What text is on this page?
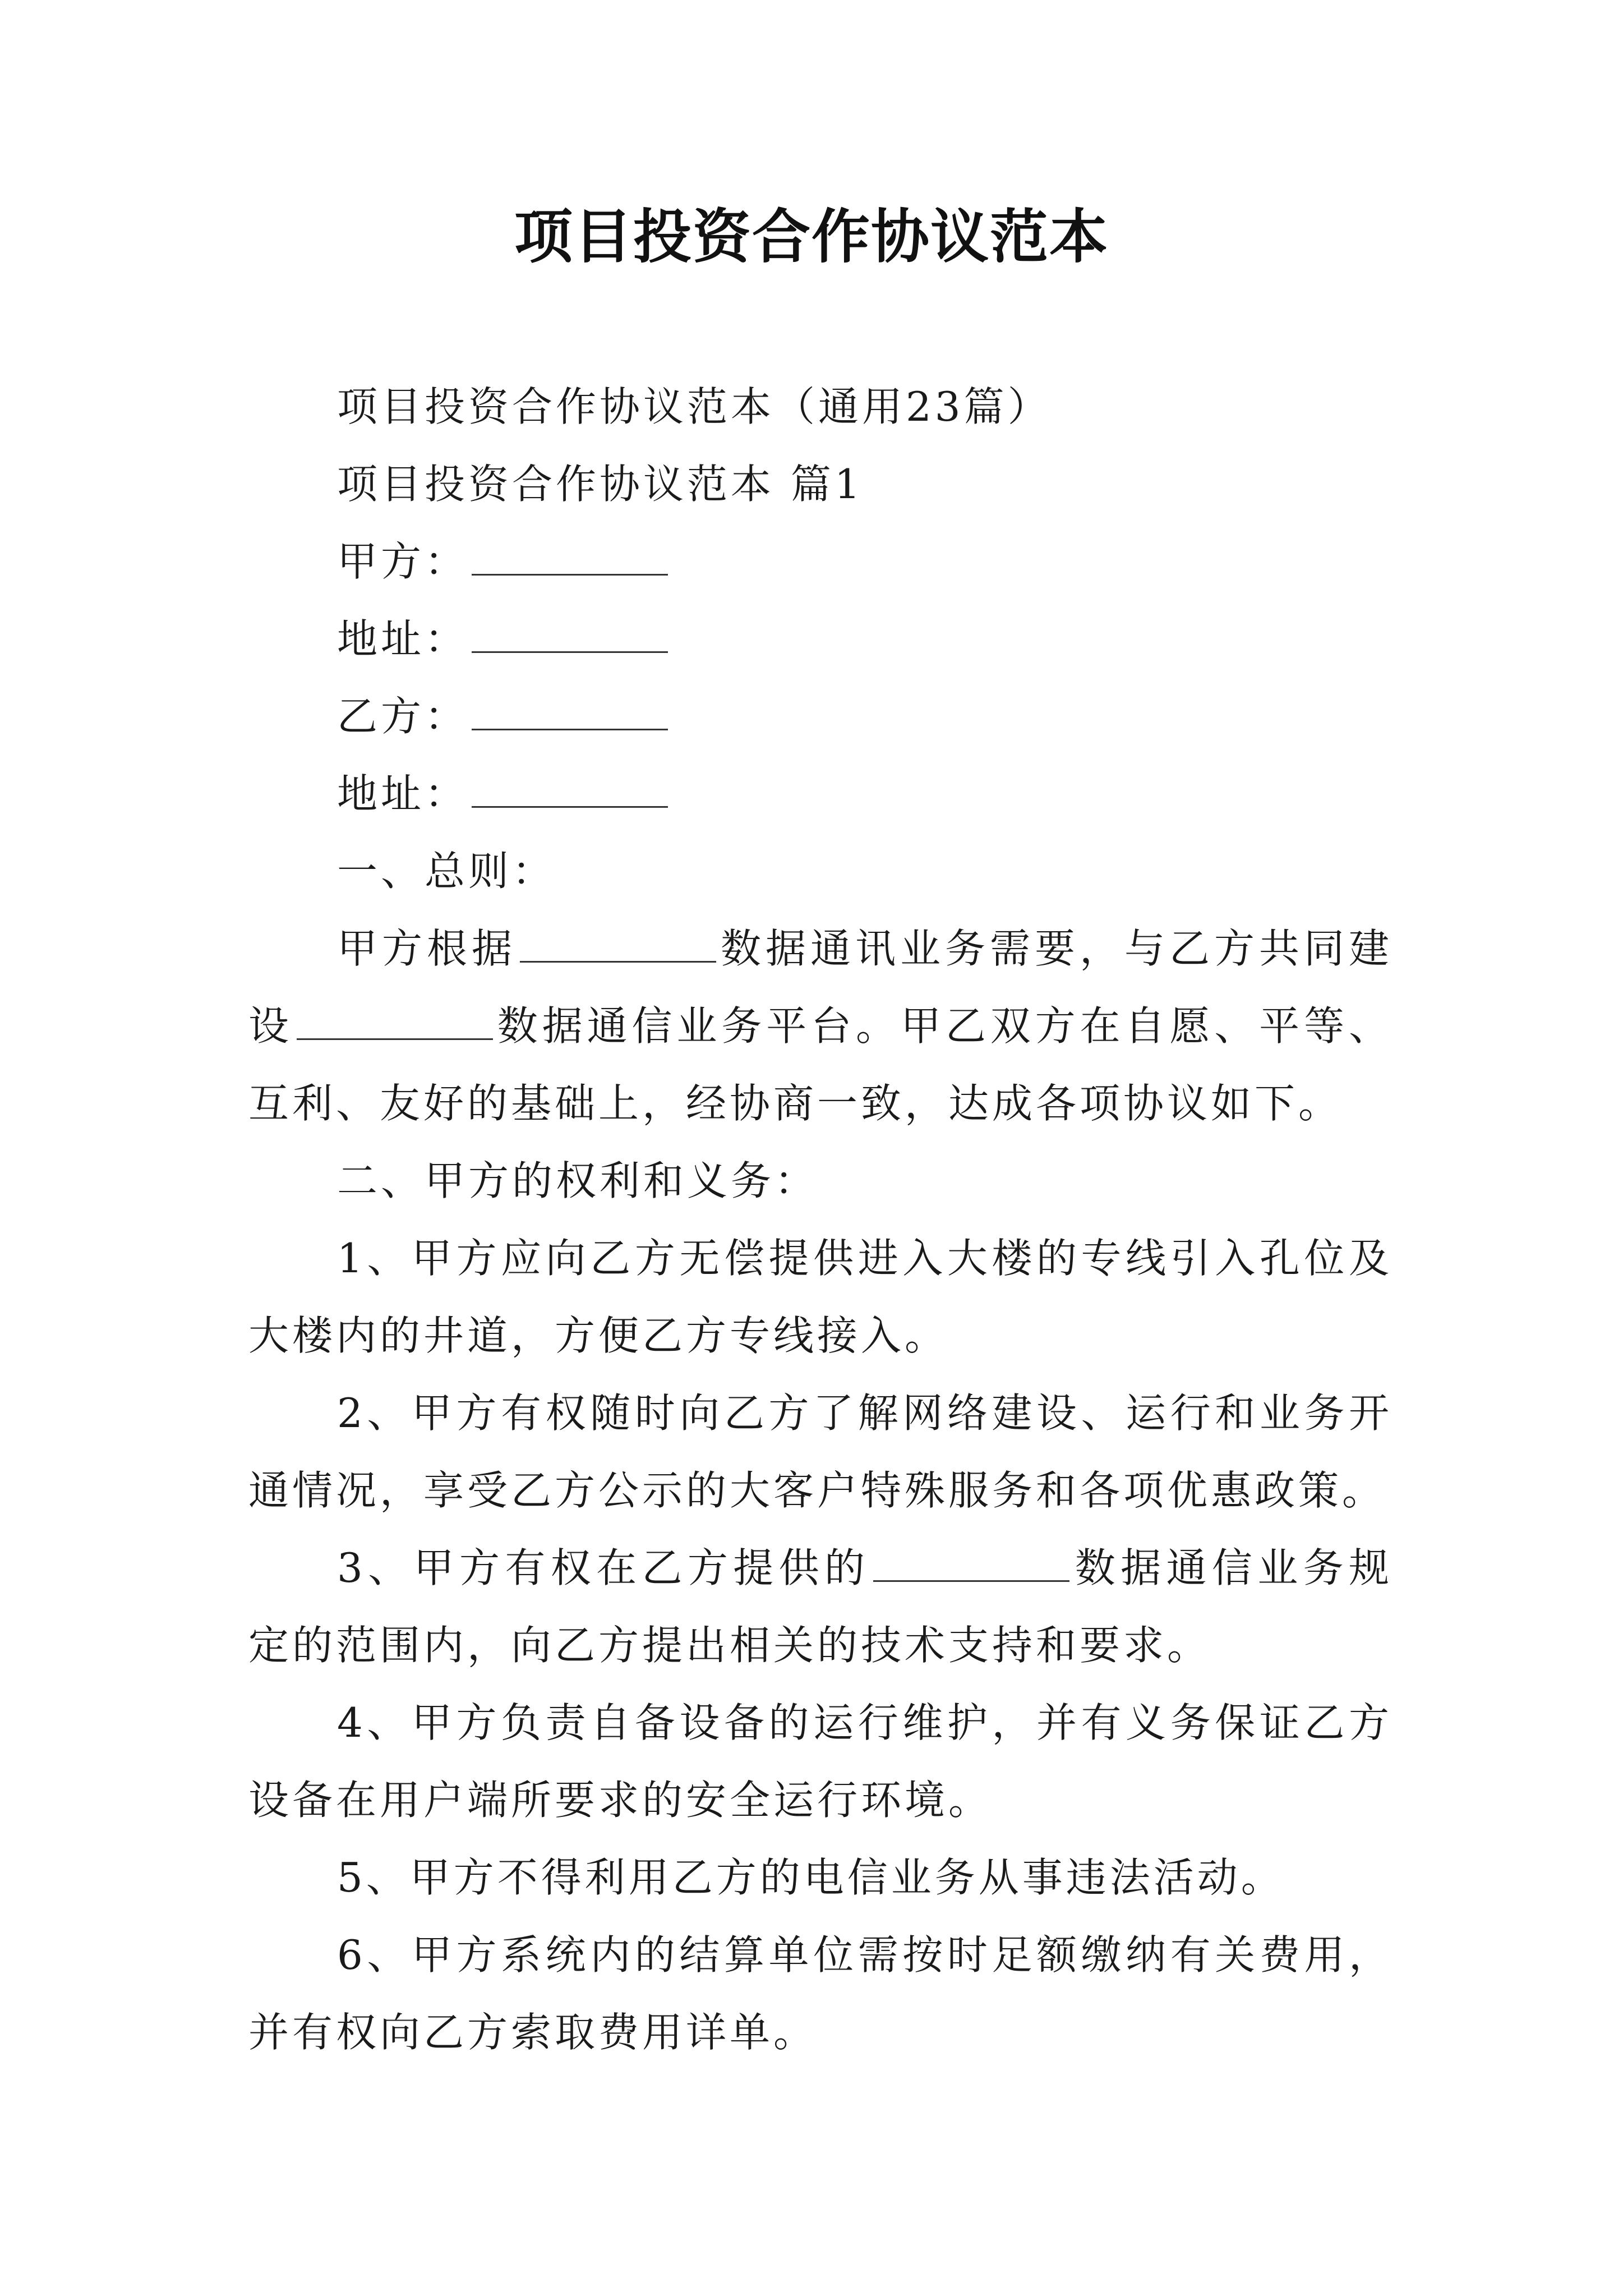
项目投资合作协议范本
项目投资合作协议范本（通用23篇）
项目投资合作协议范本 篇1
甲方：
地址：
乙方：
地址：
一、总则：
甲方根据	数据通讯业务需要，与乙方共同建设	数据通信业务平台。甲乙双方在自愿、平等、互利、友好的基础上，经协商一致，达成各项协议如下。
二、甲方的权利和义务：
1、甲方应向乙方无偿提供进入大楼的专线引入孔位及大楼内的井道，方便乙方专线接入。
2、甲方有权随时向乙方了解网络建设、运行和业务开通情况，享受乙方公示的大客户特殊服务和各项优惠政策。
3、甲方有权在乙方提供的	数据通信业务规定的范围内，向乙方提出相关的技术支持和要求。
4、甲方负责自备设备的运行维护，并有义务保证乙方设备在用户端所要求的安全运行环境。
5、甲方不得利用乙方的电信业务从事违法活动。
6、甲方系统内的结算单位需按时足额缴纳有关费用，并有权向乙方索取费用详单。
